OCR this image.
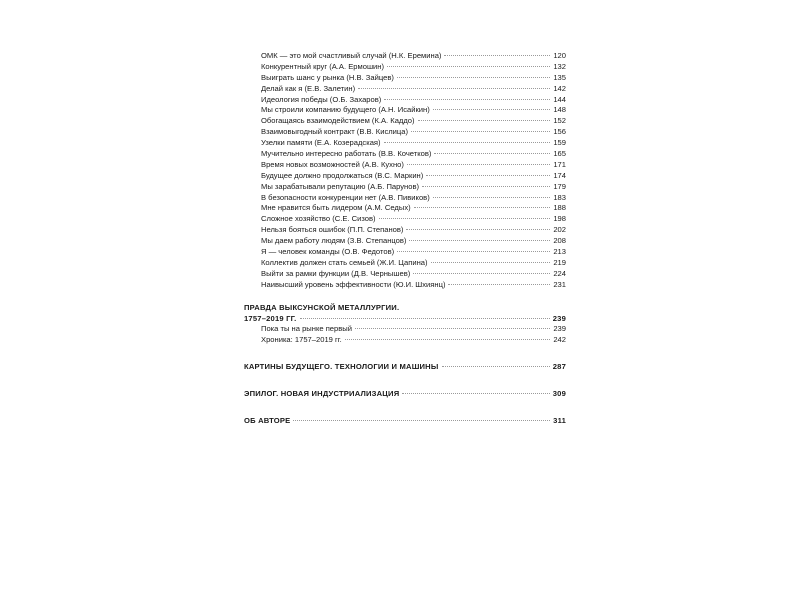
ОМК — это мой счастливый случай (Н.К. Еремина)	120
Конкурентный круг (А.А. Ермошин)	132
Выиграть шанс у рынка (Н.В. Зайцев)	135
Делай как я (Е.В. Залетин)	142
Идеология победы (О.Б. Захаров)	144
Мы строили компанию будущего (А.Н. Исайкин)	148
Обогащаясь взаимодействием (К.А. Каддо)	152
Взаимовыгодный контракт (В.В. Кислица)	156
Узелки памяти (Е.А. Козерадская)	159
Мучительно интересно работать (В.В. Кочетков)	165
Время новых возможностей (А.В. Кухно)	171
Будущее должно продолжаться (В.С. Маркин)	174
Мы зарабатывали репутацию (А.Б. Парунов)	179
В безопасности конкуренции нет (А.В. Пивиков)	183
Мне нравится быть лидером (А.М. Седых)	188
Сложное хозяйство (С.Е. Сизов)	198
Нельзя бояться ошибок (П.П. Степанов)	202
Мы даем работу людям (З.В. Степанцов)	208
Я — человек команды (О.В. Федотов)	213
Коллектив должен стать семьей (Ж.И. Цапина)	219
Выйти за рамки функции (Д.В. Чернышев)	224
Наивысший уровень эффективности (Ю.И. Шхиянц)	231
ПРАВДА ВЫКСУНСКОЙ МЕТАЛЛУРГИИ.
1757–2019 ГГ.	239
Пока ты на рынке первый	239
Хроника: 1757–2019 гг.	242
КАРТИНЫ БУДУЩЕГО. ТЕХНОЛОГИИ И МАШИНЫ	287
ЭПИЛОГ. НОВАЯ ИНДУСТРИАЛИЗАЦИЯ	309
ОБ АВТОРЕ	311
